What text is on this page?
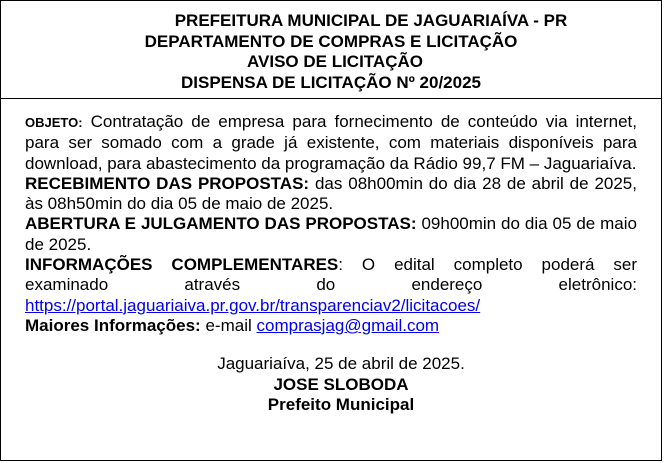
PREFEITURA MUNICIPAL DE JAGUARIAÍVA - PR
DEPARTAMENTO DE COMPRAS E LICITAÇÃO
AVISO DE LICITAÇÃO
DISPENSA DE LICITAÇÃO Nº 20/2025

OBJETO: Contratação de empresa para fornecimento de conteúdo via internet, para ser somado com a grade já existente, com materiais disponíveis para download, para abastecimento da programação da Rádio 99,7 FM – Jaguariaíva.

RECEBIMENTO DAS PROPOSTAS: das 08h00min do dia 28 de abril de 2025, às 08h50min do dia 05 de maio de 2025.

ABERTURA E JULGAMENTO DAS PROPOSTAS: 09h00min do dia 05 de maio de 2025.

INFORMAÇÕES COMPLEMENTARES: O edital completo poderá ser examinado através do endereço eletrônico: https://portal.jaguariaiva.pr.gov.br/transparenciav2/licitacoes/

Maiores Informações: e-mail comprasjag@gmail.com

Jaguariaíva, 25 de abril de 2025.
JOSE SLOBODA
Prefeito Municipal
